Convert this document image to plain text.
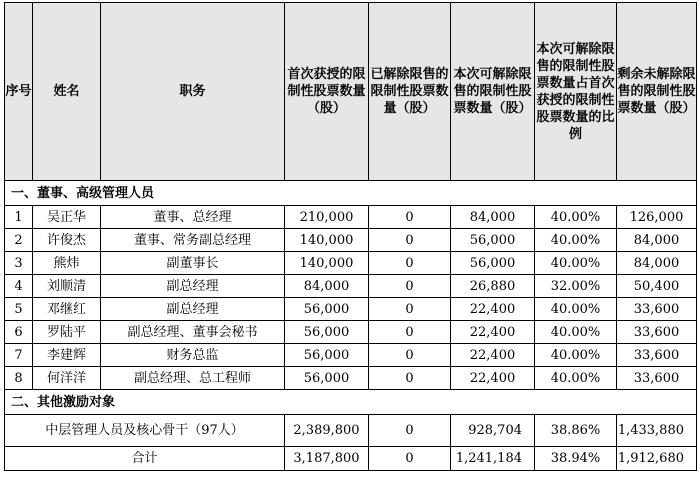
序号	姓名	职务	首次获授的限制性股票数量（股）	已解除限售的限制性股票数量（股）	本次可解除限售的限制性股票数量（股）	本次可解除限售的限制性股票数量占首次获授的限制性股票数量的比例	剩余未解除限售的限制性股票数量（股）
一、董事、高级管理人员							
1	吴正华	董事、总经理	210,000	0	84,000	40.00%	126,000
2	许俊杰	董事、常务副总经理	140,000	0	56,000	40.00%	84,000
3	熊炜	副董事长	140,000	0	56,000	40.00%	84,000
4	刘顺清	副总经理	84,000	0	26,880	32.00%	50,400
5	邓继红	副总经理	56,000	0	22,400	40.00%	33,600
6	罗陆平	副总经理、董事会秘书	56,000	0	22,400	40.00%	33,600
7	李建辉	财务总监	56,000	0	22,400	40.00%	33,600
8	何洋洋	副总经理、总工程师	56,000	0	22,400	40.00%	33,600
二、其他激励对象							
中层管理人员及核心骨干（97人）			2,389,800	0	928,704	38.86%	1,433,880
合计			3,187,800	0	1,241,184	38.94%	1,912,680
